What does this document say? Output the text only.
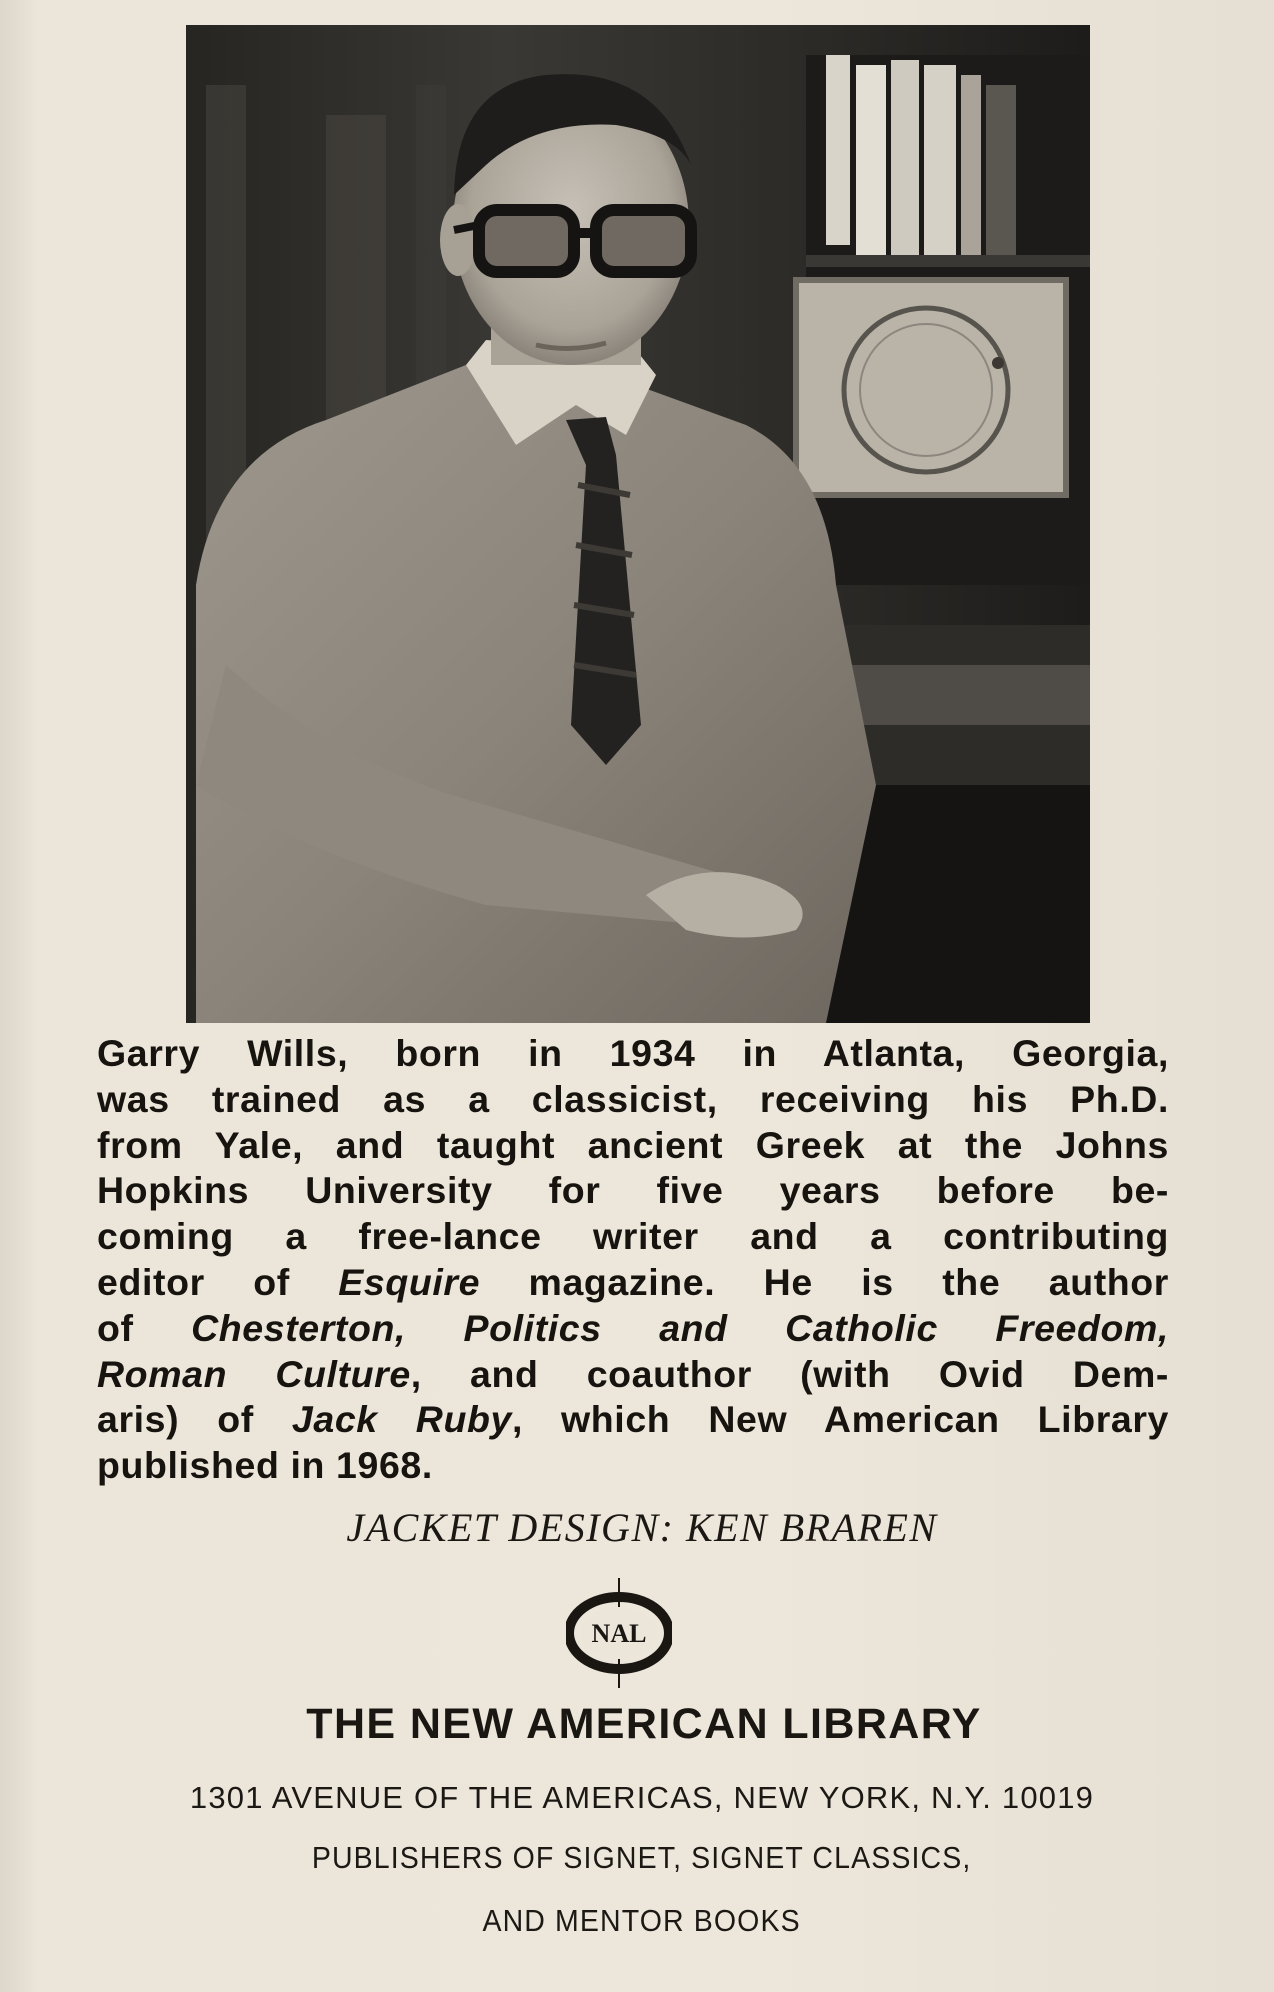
Garry Wills, born in 1934 in Atlanta, Georgia,
was trained as a classicist, receiving his Ph.D.
from Yale, and taught ancient Greek at the Johns
Hopkins University for five years before be-
coming a free-lance writer and a contributing
editor of Esquire magazine. He is the author
of Chesterton, Politics and Catholic Freedom,
Roman Culture, and coauthor (with Ovid Dem-
aris) of Jack Ruby, which New American Library
published in 1968.
JACKET DESIGN: KEN BRAREN
NAL
THE NEW AMERICAN LIBRARY
1301 AVENUE OF THE AMERICAS, NEW YORK, N.Y. 10019
PUBLISHERS OF SIGNET, SIGNET CLASSICS,
AND MENTOR BOOKS
